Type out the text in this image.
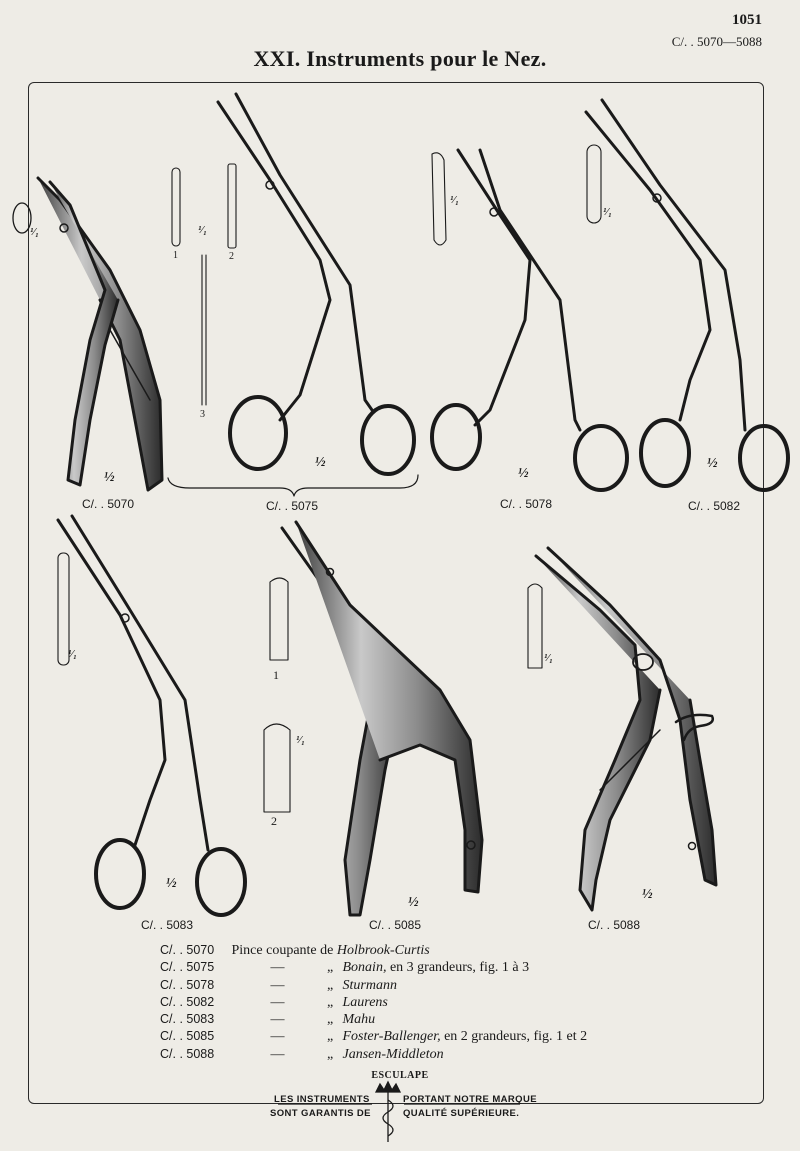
1051
C/. . 5070—5088
XXI. Instruments pour le Nez.
C/. . 5070	C/. . 5075	C/. . 5078	C/. . 5082
C/. . 5083	C/. . 5085	C/. . 5088
½
½
½
½
½
½
½
¹⁄₁	¹⁄₁
¹⁄₁
¹⁄₁
¹⁄₁
¹⁄₁
¹⁄₁
1	2
3
1
2
C/. . 5070 Pince coupante de Holbrook-Curtis
C/. . 5075	—	„ Bonain, en 3 grandeurs, fig. 1 à 3
C/. . 5078	—	„ Sturmann
C/. . 5082	—	„ Laurens
C/. . 5083	—	„ Mahu
C/. . 5085	—	„ Foster-Ballenger, en 2 grandeurs, fig. 1 et 2
C/. . 5088	—	„ Jansen-Middleton
ESCULAPE
LES INSTRUMENTS	PORTANT NOTRE MARQUE
SONT GARANTIS DE	QUALITÉ SUPÉRIEURE.
